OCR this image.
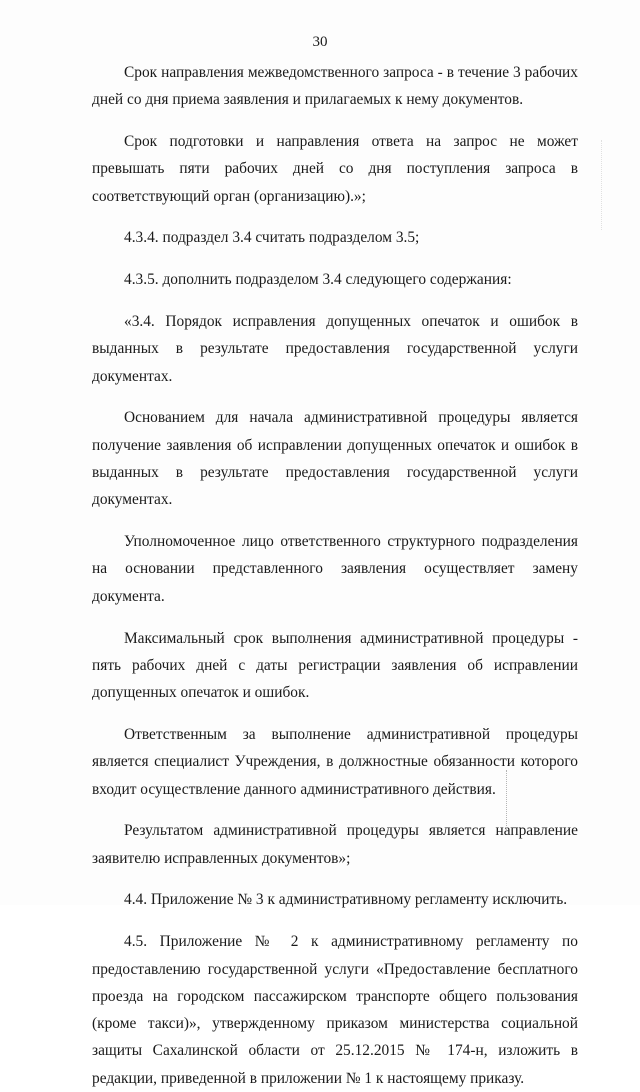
30

Срок направления межведомственного запроса - в течение 3 рабочих дней со дня приема заявления и прилагаемых к нему документов.

Срок подготовки и направления ответа на запрос не может превышать пяти рабочих дней со дня поступления запроса в соответствующий орган (организацию).»;

4.3.4. подраздел 3.4 считать подразделом 3.5;

4.3.5. дополнить подразделом 3.4 следующего содержания:

«3.4. Порядок исправления допущенных опечаток и ошибок в выданных в результате предоставления государственной услуги документах.

Основанием для начала административной процедуры является получение заявления об исправлении допущенных опечаток и ошибок в выданных в результате предоставления государственной услуги документах.

Уполномоченное лицо ответственного структурного подразделения на основании представленного заявления осуществляет замену документа.

Максимальный срок выполнения административной процедуры - пять рабочих дней с даты регистрации заявления об исправлении допущенных опечаток и ошибок.

Ответственным за выполнение административной процедуры является специалист Учреждения, в должностные обязанности которого входит осуществление данного административного действия.

Результатом административной процедуры является направление заявителю исправленных документов»;

4.4. Приложение № 3 к административному регламенту исключить.

4.5. Приложение № 2 к административному регламенту по предоставлению государственной услуги «Предоставление бесплатного проезда на городском пассажирском транспорте общего пользования (кроме такси)», утвержденному приказом министерства социальной защиты Сахалинской области от 25.12.2015 № 174-н, изложить в редакции, приведенной в приложении № 1 к настоящему приказу.
